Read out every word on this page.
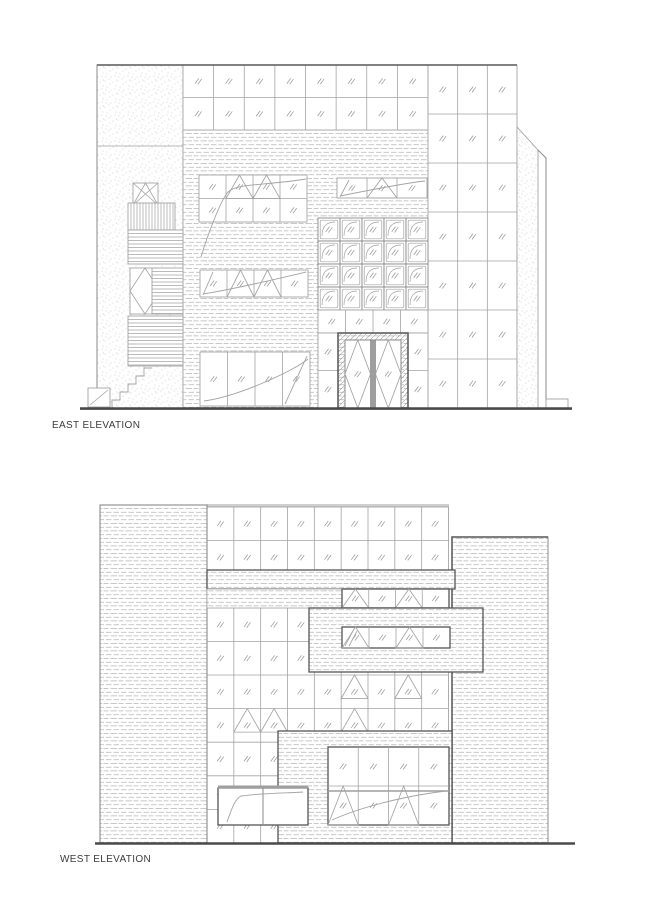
EAST ELEVATION
WEST ELEVATION
